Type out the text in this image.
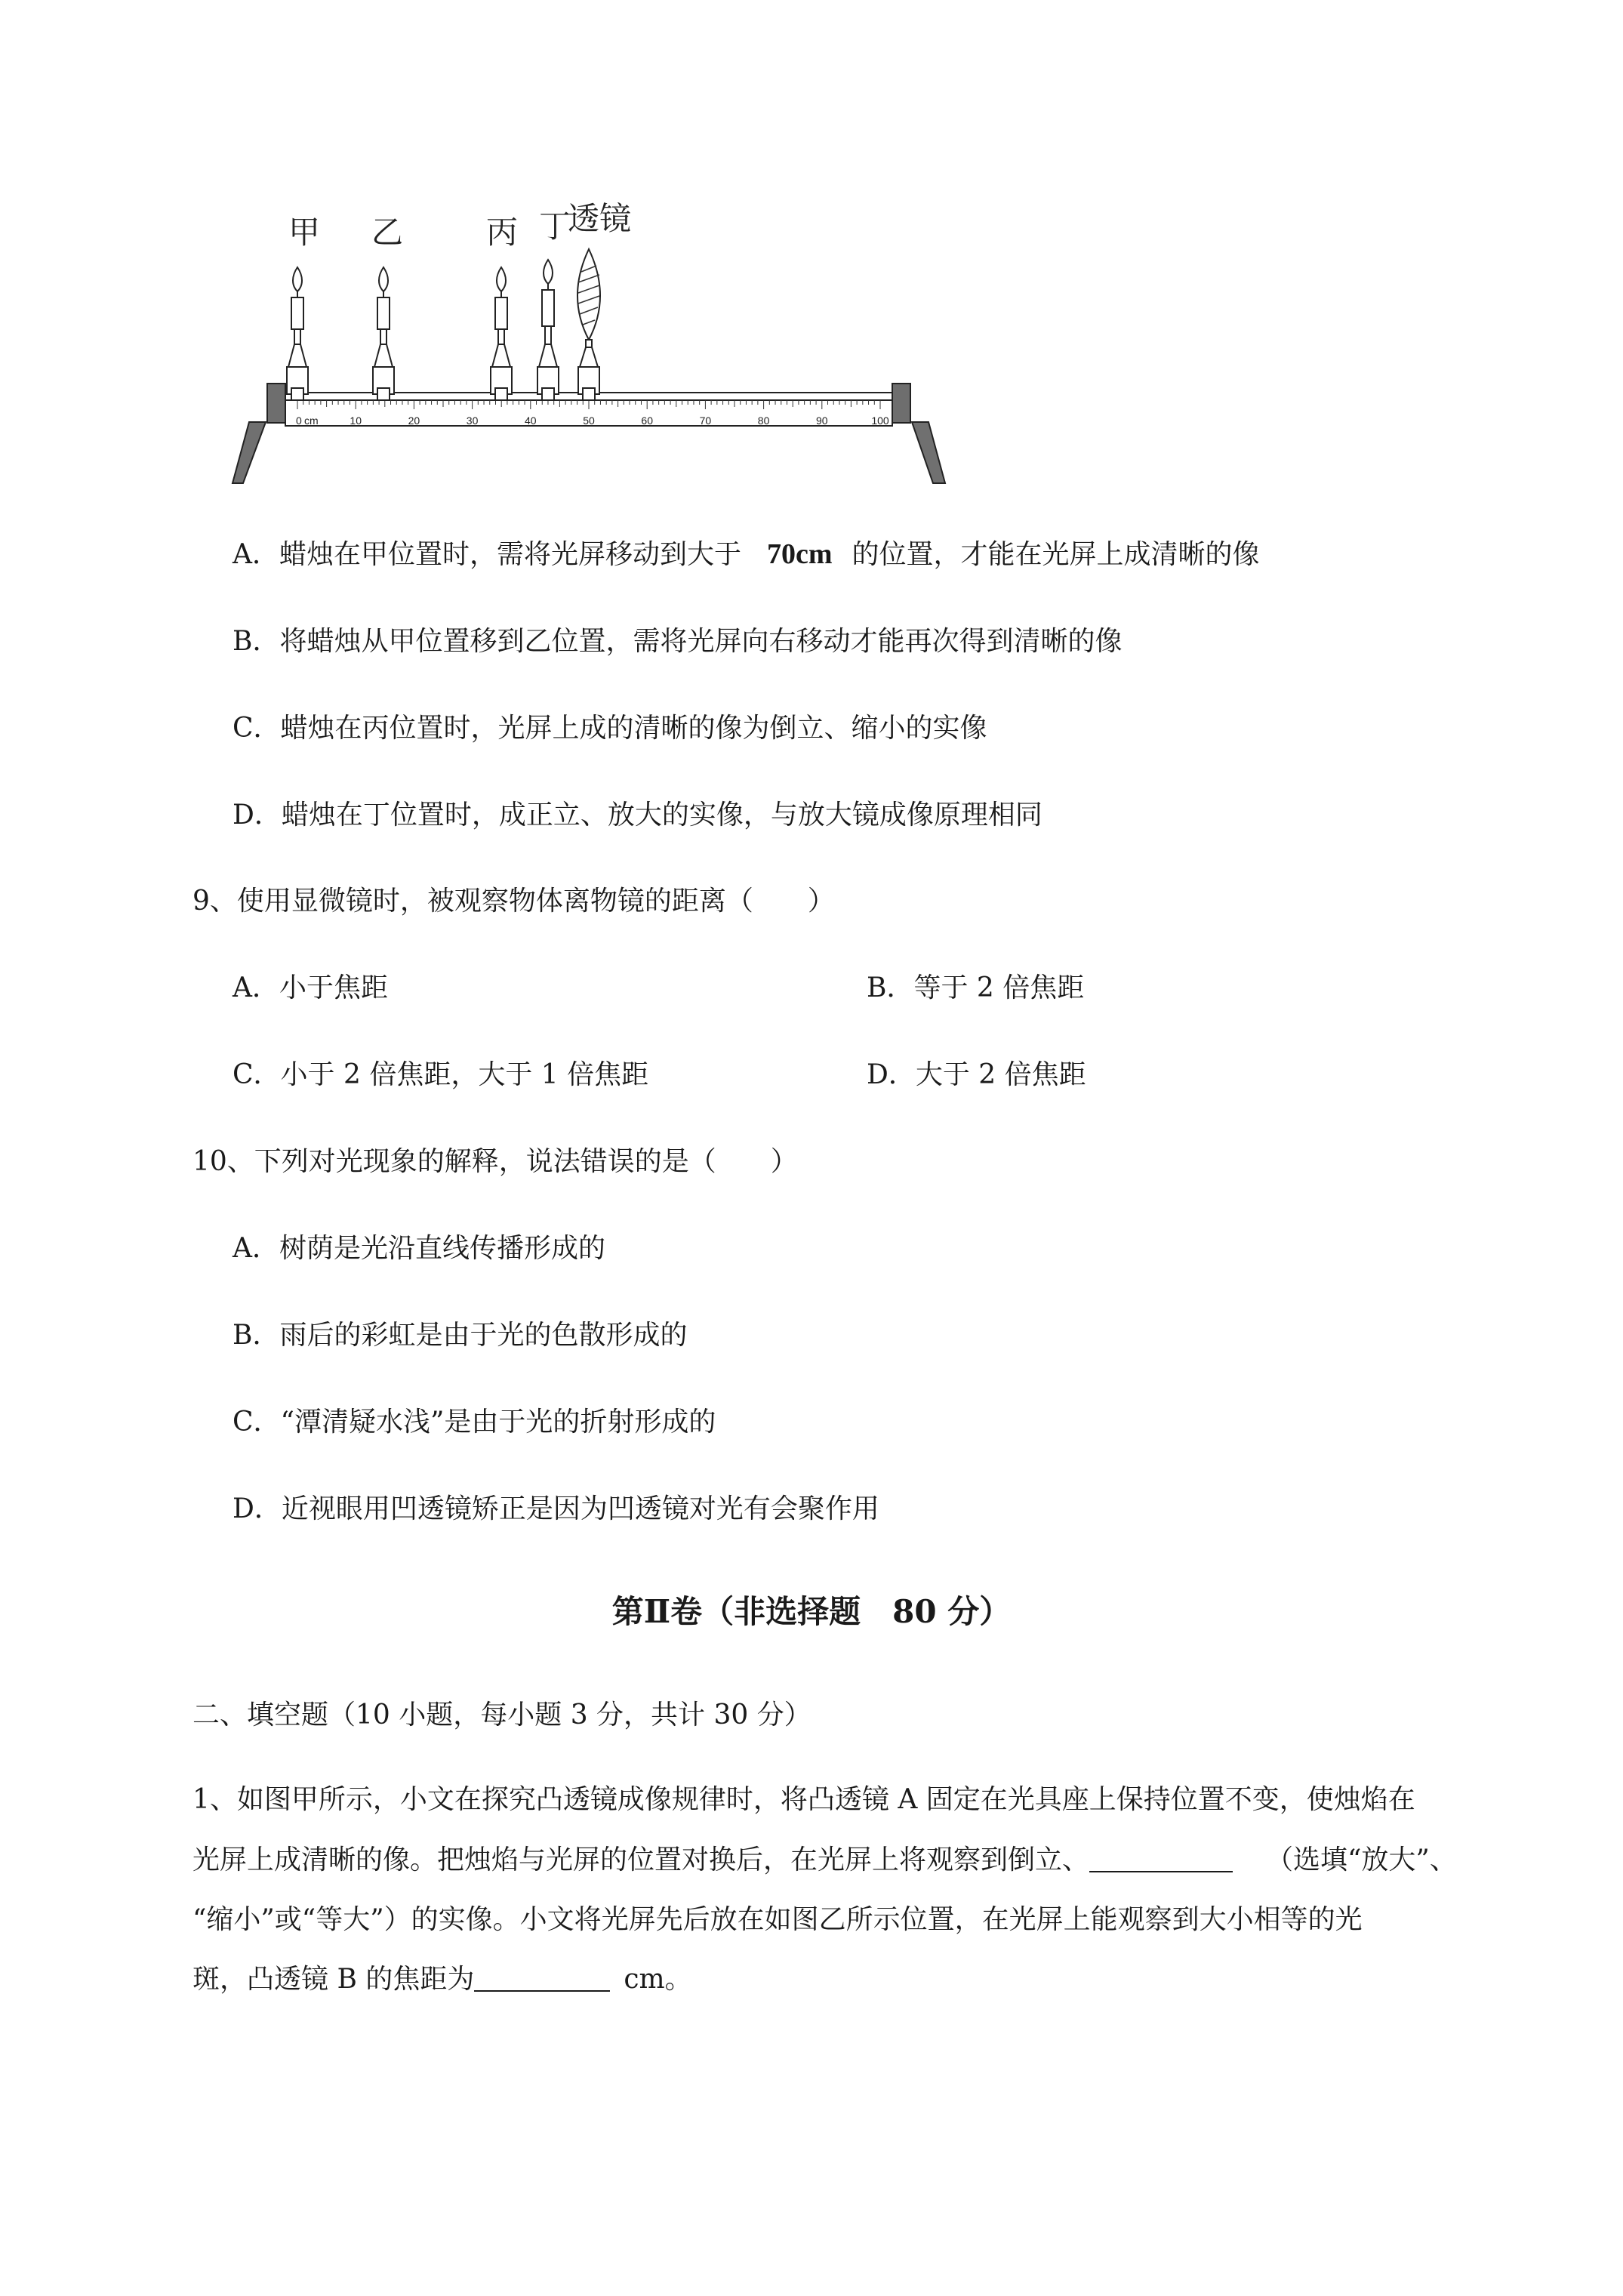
0	10	20	30	40	50	60	70	80	90	100
cm
甲 乙	丙 丁
透镜
A．蜡烛在甲位置时，需将光屏移动到大于 70cm 的位置，才能在光屏上成清晰的像
B．将蜡烛从甲位置移到乙位置，需将光屏向右移动才能再次得到清晰的像
C．蜡烛在丙位置时，光屏上成的清晰的像为倒立、缩小的实像
D．蜡烛在丁位置时，成正立、放大的实像，与放大镜成像原理相同
9、使用显微镜时，被观察物体离物镜的距离（　　）
A．小于焦距	B．等于 2 倍焦距
C．小于 2 倍焦距，大于 1 倍焦距	D．大于 2 倍焦距
10、下列对光现象的解释，说法错误的是（　　）
A．树荫是光沿直线传播形成的
B．雨后的彩虹是由于光的色散形成的
C．“潭清疑水浅”是由于光的折射形成的
D．近视眼用凹透镜矫正是因为凹透镜对光有会聚作用
第Ⅱ卷（非选择题　80 分）
二、填空题（10 小题，每小题 3 分，共计 30 分）
1、如图甲所示，小文在探究凸透镜成像规律时，将凸透镜 A 固定在光具座上保持位置不变，使烛焰在
光屏上成清晰的像。把烛焰与光屏的位置对换后，在光屏上将观察到倒立、	（选填“放大”、
“缩小”或“等大”）的实像。小文将光屏先后放在如图乙所示位置，在光屏上能观察到大小相等的光
斑，凸透镜 B 的焦距为	cm。
